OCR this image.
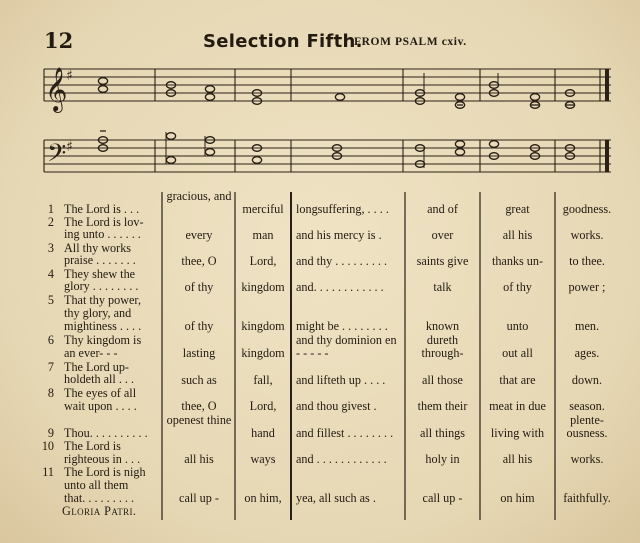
12	Selection Fifth.
FROM PSALM cxiv.
𝄞
𝄢
♯
♯
1
2
3
4
5
6
7
8
9
10
11
The Lord is . . .
The Lord is lov-
ing unto . . . . . .
All thy works
praise . . . . . . .
They shew the
glory . . . . . . . .
That thy power,
thy glory, and
mightiness . . . .
Thy kingdom is
an ever- - -
The Lord up-
holdeth all . . .
The eyes of all
wait upon . . . .
Thou. . . . . . . . . .
The Lord is
righteous in . . .
The Lord is nigh
unto all them
that. . . . . . . . .
Gloria Patri.
gracious, and
every
thee, O
of thy
of thy
lasting
such as
thee, O
openest thine
all his
call up -
merciful
man
Lord,
kingdom
kingdom
kingdom
fall,
Lord,
hand
ways
on him,
longsuffering, . . . .
and his mercy is .
and thy . . . . . . . . .
and. . . . . . . . . . . .
might be . . . . . . . .
and thy dominion en - - - - -
and lifteth up . . . .
and thou givest .
and fillest . . . . . . . .
and . . . . . . . . . . . .
yea, all such as .
and of
over
saints give
talk
known
dureth through-
all those
them their
all things
holy in
call up -
great
all his
thanks un-
of thy
unto
out all
that are
meat in due
living with
all his
on him
goodness.
works.
to thee.
power ;
men.
ages.
down.
season.
plente-ousness.
works.
faithfully.
